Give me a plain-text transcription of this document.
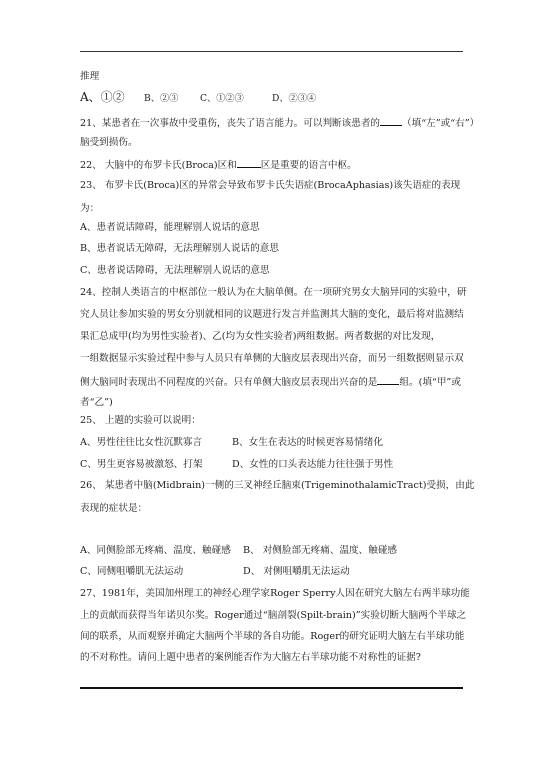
推理
A、①② B、②③ C、①②③	D、②③④
21、某患者在一次事故中受重伤，丧失了语言能力。可以判断该患者的 （填“左”或“右”）
脑受到损伤。
22、 大脑中的布罗卡氏(Broca)区和	区是重要的语言中枢。
23、 布罗卡氏(Broca)区的异常会导致布罗卡氏失语症(BrocaAphasias)该失语症的表现
为：
A、患者说话障碍，能理解别人说话的意思
B、患者说话无障碍，无法理解别人说话的意思
C、患者说话障碍，无法理解别人说话的意思
24、控制人类语言的中枢部位一般认为在大脑单侧。在一项研究男女大脑异同的实验中，研
究人员让参加实验的男女分别就相同的议题进行发言并监测其大脑的变化，最后将对监测结
果汇总成甲(均为男性实验者)、乙(均为女性实验者)两组数据。两者数据的对比发现，
一组数据显示实验过程中参与人员只有单侧的大脑皮层表现出兴奋，而另一组数据则显示双
侧大脑同时表现出不同程度的兴奋。只有单侧大脑皮层表现出兴奋的是 组。(填“甲”或
者“乙”)
25、 上题的实验可以说明：
A、男性往往比女性沉默寡言	B、女生在表达的时候更容易情绪化
C、男生更容易被激怒、打架	D、女性的口头表达能力往往强于男性
26、 某患者中脑(Midbrain)一侧的三叉神经丘脑束(TrigeminothalamicTract)受损，由此
表现的症状是：
A、同侧脸部无疼痛、温度、触碰感 B、 对侧脸部无疼痛、温度、触碰感
C、同侧咀嚼肌无法运动	D、 对侧咀嚼肌无法运动
27、1981年，美国加州理工的神经心理学家Roger Sperry人因在研究大脑左右两半球功能
上的贡献而获得当年诺贝尔奖。Roger通过“脑剖裂(Spilt-brain)”实验切断大脑两个半球之
间的联系，从而观察并确定大脑两个半球的各自功能。Roger的研究证明大脑左右半球功能
的不对称性。请问上题中患者的案例能否作为大脑左右半球功能不对称性的证据?
